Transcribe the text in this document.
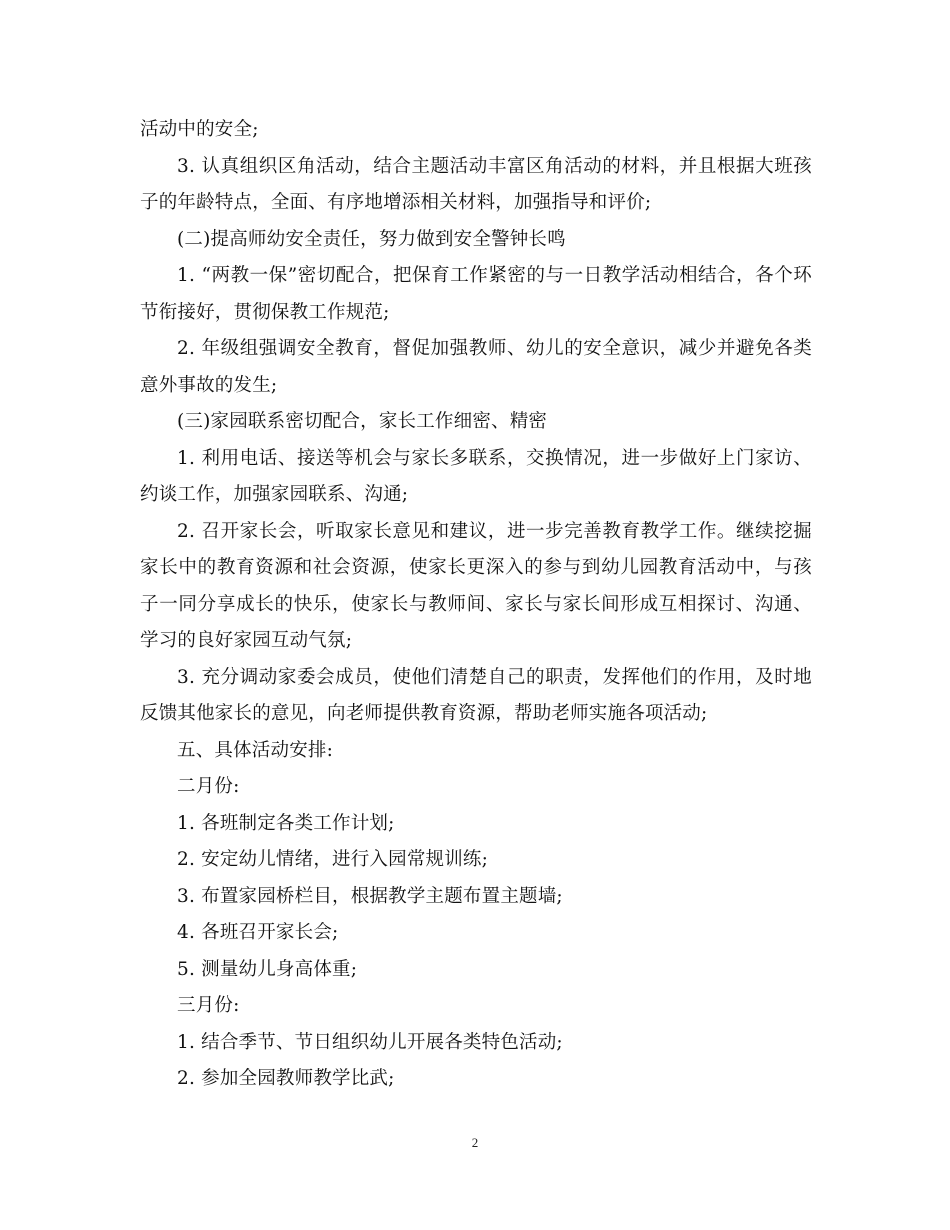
活动中的安全;

3. 认真组织区角活动，结合主题活动丰富区角活动的材料，并且根据大班孩子的年龄特点，全面、有序地增添相关材料，加强指导和评价;

(二)提高师幼安全责任，努力做到安全警钟长鸣

1. “两教一保”密切配合，把保育工作紧密的与一日教学活动相结合，各个环节衔接好，贯彻保教工作规范;

2. 年级组强调安全教育，督促加强教师、幼儿的安全意识，减少并避免各类意外事故的发生;

(三)家园联系密切配合，家长工作细密、精密

1. 利用电话、接送等机会与家长多联系，交换情况，进一步做好上门家访、约谈工作，加强家园联系、沟通;

2. 召开家长会，听取家长意见和建议，进一步完善教育教学工作。继续挖掘家长中的教育资源和社会资源，使家长更深入的参与到幼儿园教育活动中，与孩子一同分享成长的快乐，使家长与教师间、家长与家长间形成互相探讨、沟通、学习的良好家园互动气氛;

3. 充分调动家委会成员，使他们清楚自己的职责，发挥他们的作用，及时地反馈其他家长的意见，向老师提供教育资源，帮助老师实施各项活动;

五、具体活动安排:

二月份:

1. 各班制定各类工作计划;

2. 安定幼儿情绪，进行入园常规训练;

3. 布置家园桥栏目，根据教学主题布置主题墙;

4. 各班召开家长会;

5. 测量幼儿身高体重;

三月份:

1. 结合季节、节日组织幼儿开展各类特色活动;

2. 参加全园教师教学比武;

2
